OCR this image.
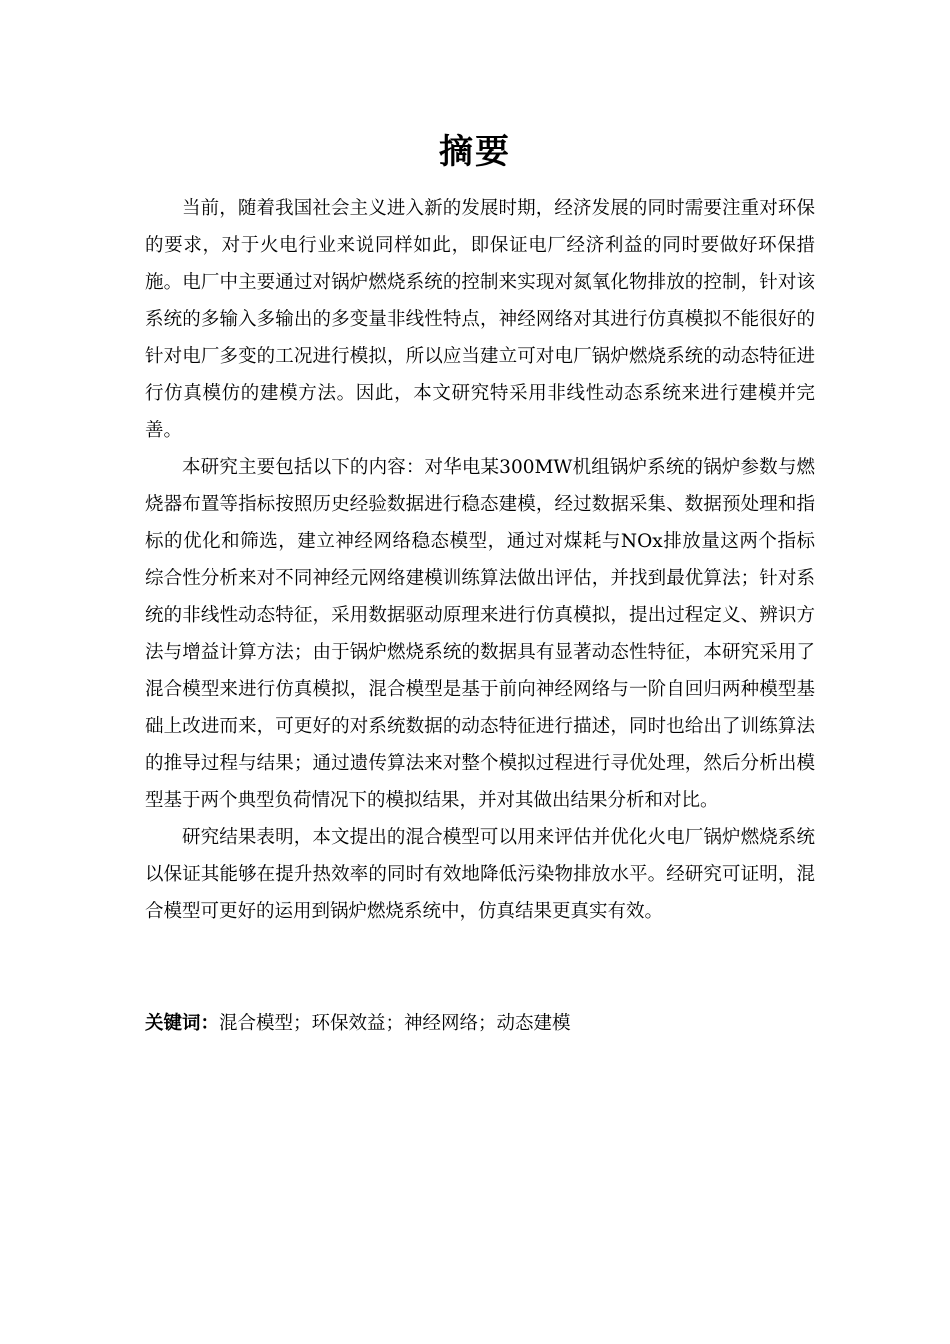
摘要

当前，随着我国社会主义进入新的发展时期，经济发展的同时需要注重对环保的要求，对于火电行业来说同样如此，即保证电厂经济利益的同时要做好环保措施。电厂中主要通过对锅炉燃烧系统的控制来实现对氮氧化物排放的控制，针对该系统的多输入多输出的多变量非线性特点，神经网络对其进行仿真模拟不能很好的针对电厂多变的工况进行模拟，所以应当建立可对电厂锅炉燃烧系统的动态特征进行仿真模仿的建模方法。因此，本文研究特采用非线性动态系统来进行建模并完善。

本研究主要包括以下的内容：对华电某300MW机组锅炉系统的锅炉参数与燃烧器布置等指标按照历史经验数据进行稳态建模，经过数据采集、数据预处理和指标的优化和筛选，建立神经网络稳态模型，通过对煤耗与NOx排放量这两个指标综合性分析来对不同神经元网络建模训练算法做出评估，并找到最优算法；针对系统的非线性动态特征，采用数据驱动原理来进行仿真模拟，提出过程定义、辨识方法与增益计算方法；由于锅炉燃烧系统的数据具有显著动态性特征，本研究采用了混合模型来进行仿真模拟，混合模型是基于前向神经网络与一阶自回归两种模型基础上改进而来，可更好的对系统数据的动态特征进行描述，同时也给出了训练算法的推导过程与结果；通过遗传算法来对整个模拟过程进行寻优处理，然后分析出模型基于两个典型负荷情况下的模拟结果，并对其做出结果分析和对比。

研究结果表明，本文提出的混合模型可以用来评估并优化火电厂锅炉燃烧系统以保证其能够在提升热效率的同时有效地降低污染物排放水平。经研究可证明，混合模型可更好的运用到锅炉燃烧系统中，仿真结果更真实有效。

关键词：混合模型；环保效益；神经网络；动态建模
